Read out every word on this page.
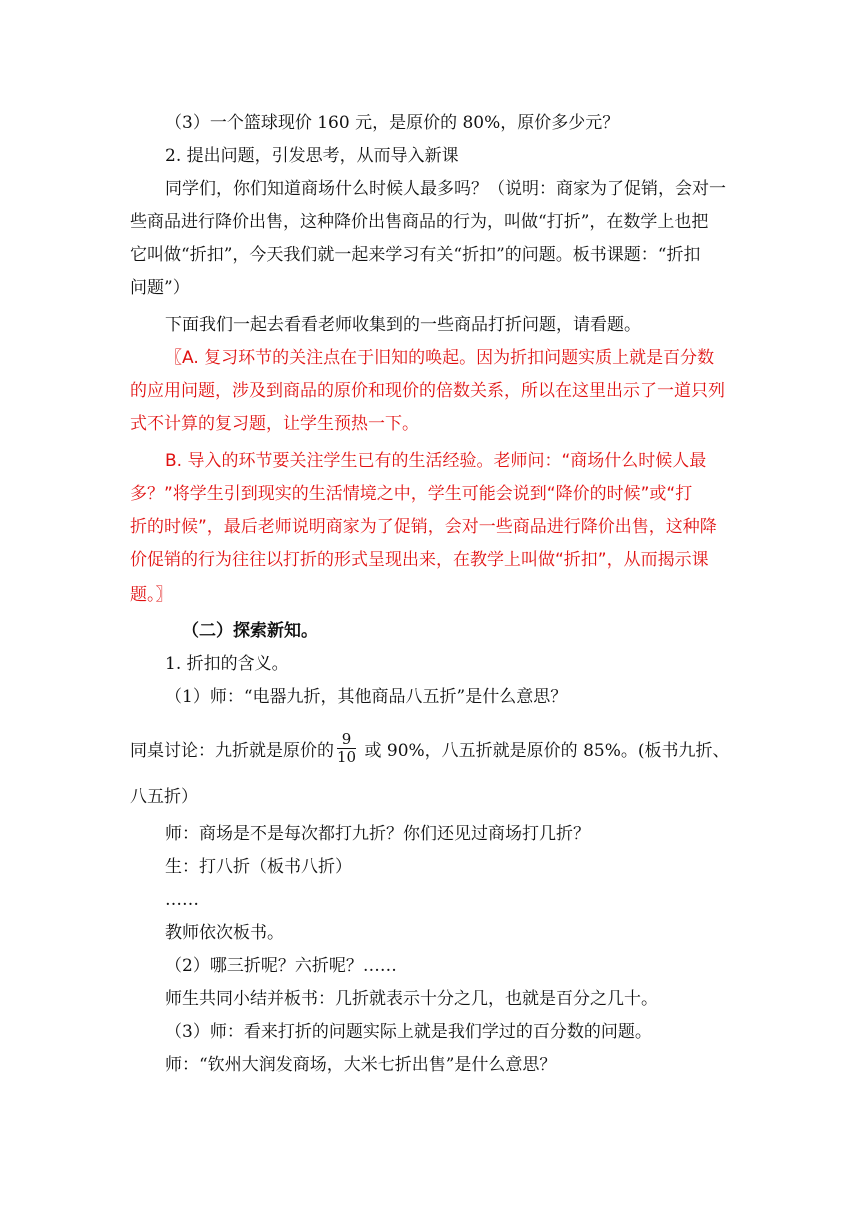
（3）一个篮球现价 160 元，是原价的 80%，原价多少元？
2. 提出问题，引发思考，从而导入新课
同学们，你们知道商场什么时候人最多吗？（说明：商家为了促销，会对一
些商品进行降价出售，这种降价出售商品的行为，叫做“打折”，在数学上也把
它叫做“折扣”，今天我们就一起来学习有关“折扣”的问题。板书课题：“折扣
问题”）
下面我们一起去看看老师收集到的一些商品打折问题，请看题。
〖A. 复习环节的关注点在于旧知的唤起。因为折扣问题实质上就是百分数
的应用问题，涉及到商品的原价和现价的倍数关系，所以在这里出示了一道只列
式不计算的复习题，让学生预热一下。
B. 导入的环节要关注学生已有的生活经验。老师问：“商场什么时候人最
多？”将学生引到现实的生活情境之中，学生可能会说到“降价的时候”或“打
折的时候”，最后老师说明商家为了促销，会对一些商品进行降价出售，这种降
价促销的行为往往以打折的形式呈现出来，在教学上叫做“折扣”，从而揭示课
题。〗
（二）探索新知。
1. 折扣的含义。
（1）师：“电器九折，其他商品八五折”是什么意思？
同桌讨论：九折就是原价的 $\frac{9}{10}$ 或 90%，八五折就是原价的 85%。(板书九折、
八五折）
师：商场是不是每次都打九折？你们还见过商场打几折？
生：打八折（板书八折）
……
教师依次板书。
（2）哪三折呢？六折呢？……
师生共同小结并板书：几折就表示十分之几，也就是百分之几十。
（3）师：看来打折的问题实际上就是我们学过的百分数的问题。
师：“钦州大润发商场，大米七折出售”是什么意思？
